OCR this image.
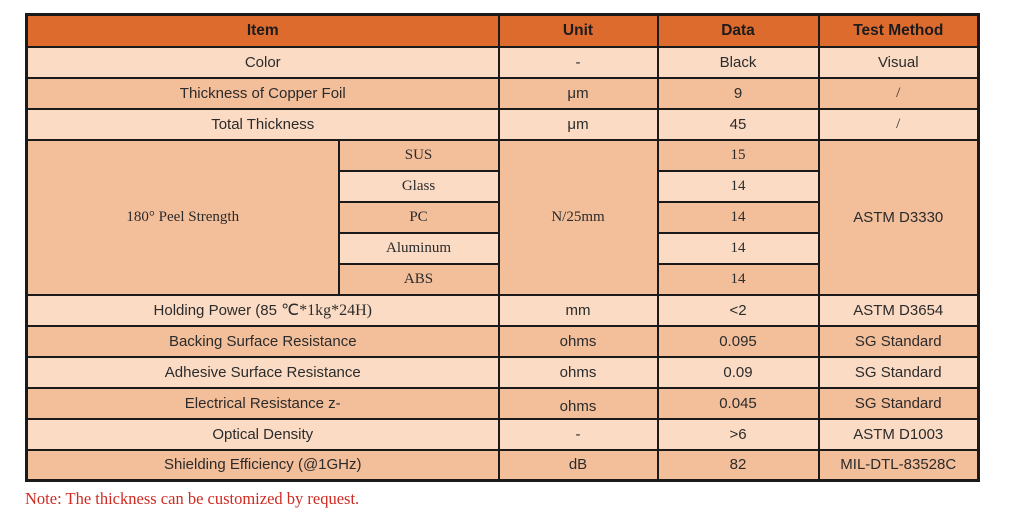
Item		Unit	Data	Test Method
Color		-	Black	Visual
Thickness of Copper Foil		μm	9	/
Total Thickness		μm	45	/
180° Peel Strength	SUS	N/25mm	15	ASTM D3330
	Glass		14	
	PC		14	
	Aluminum		14	
	ABS		14	
Holding Power (85 ℃*1kg*24H)		mm	<2	ASTM D3654
Backing Surface Resistance		ohms	0.095	SG Standard
Adhesive Surface Resistance		ohms	0.09	SG Standard
Electrical Resistance z-		ohms	0.045	SG Standard
Optical Density		-	>6	ASTM D1003
Shielding Efficiency (@1GHz)		dB	82	MIL-DTL-83528C
Note: The thickness can be customized by request.
